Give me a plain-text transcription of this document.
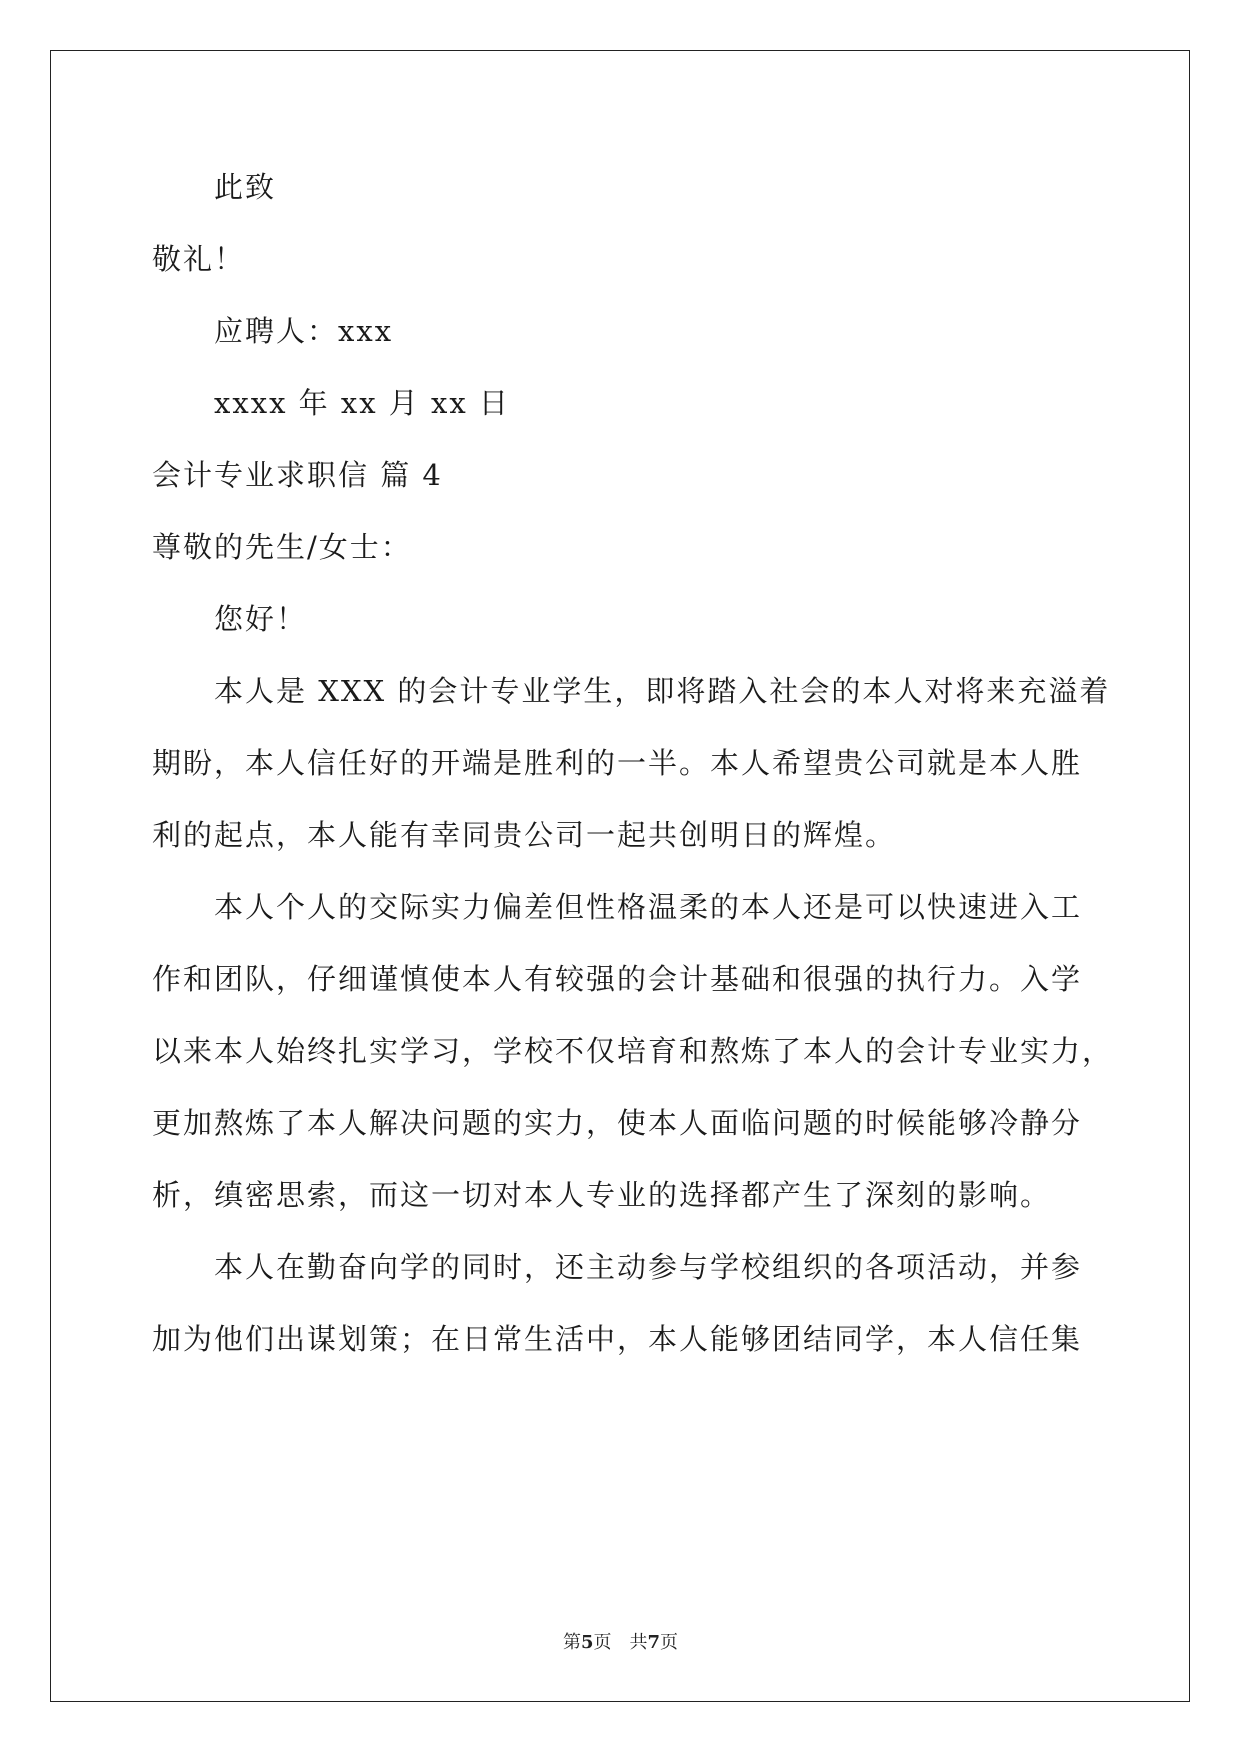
此致
敬礼！
应聘人：xxx
xxxx 年 xx 月 xx 日
会计专业求职信 篇 4
尊敬的先生/女士：
您好！
本人是 XXX 的会计专业学生，即将踏入社会的本人对将来充溢着
期盼，本人信任好的开端是胜利的一半。本人希望贵公司就是本人胜
利的起点，本人能有幸同贵公司一起共创明日的辉煌。
本人个人的交际实力偏差但性格温柔的本人还是可以快速进入工
作和团队，仔细谨慎使本人有较强的会计基础和很强的执行力。入学
以来本人始终扎实学习，学校不仅培育和熬炼了本人的会计专业实力，
更加熬炼了本人解决问题的实力，使本人面临问题的时候能够冷静分
析，缜密思索，而这一切对本人专业的选择都产生了深刻的影响。
本人在勤奋向学的同时，还主动参与学校组织的各项活动，并参
加为他们出谋划策；在日常生活中，本人能够团结同学，本人信任集
第5页　共7页
